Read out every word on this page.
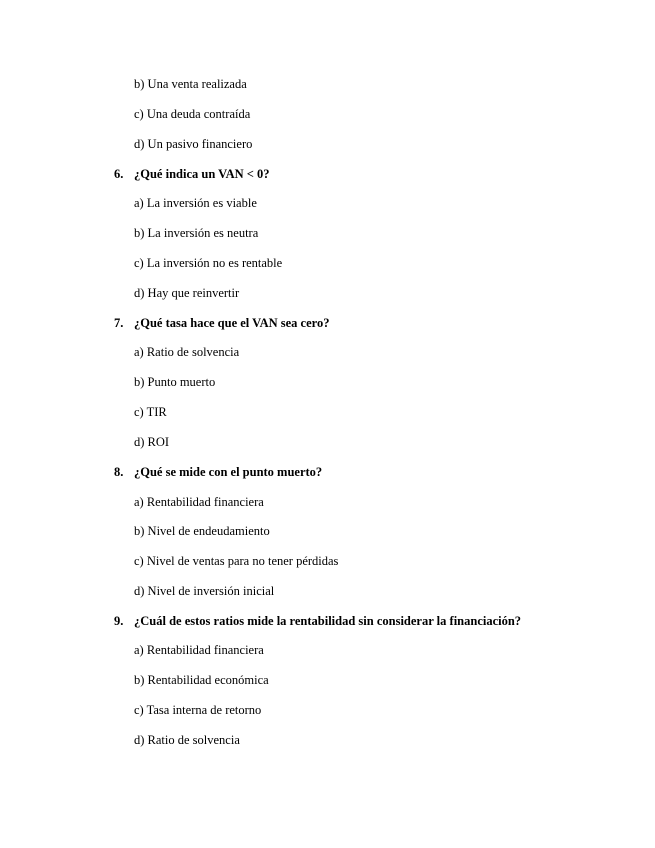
b) Una venta realizada
c) Una deuda contraída
d) Un pasivo financiero
6. ¿Qué indica un VAN < 0?
a) La inversión es viable
b) La inversión es neutra
c) La inversión no es rentable
d) Hay que reinvertir
7. ¿Qué tasa hace que el VAN sea cero?
a) Ratio de solvencia
b) Punto muerto
c) TIR
d) ROI
8. ¿Qué se mide con el punto muerto?
a) Rentabilidad financiera
b) Nivel de endeudamiento
c) Nivel de ventas para no tener pérdidas
d) Nivel de inversión inicial
9. ¿Cuál de estos ratios mide la rentabilidad sin considerar la financiación?
a) Rentabilidad financiera
b) Rentabilidad económica
c) Tasa interna de retorno
d) Ratio de solvencia
